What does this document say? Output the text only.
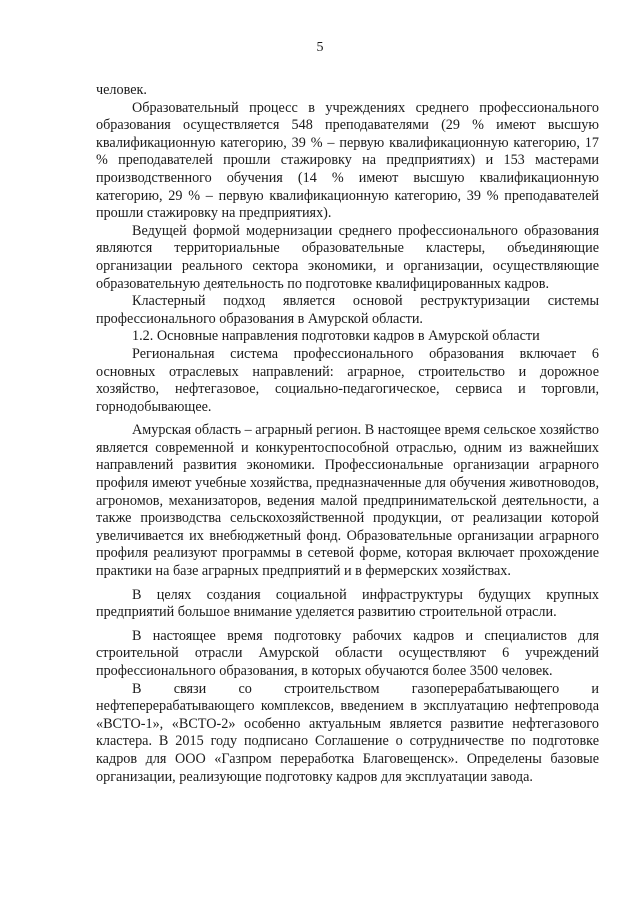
5

человек.

Образовательный процесс в учреждениях среднего профессионального образования осуществляется 548 преподавателями (29 % имеют высшую квалификационную категорию, 39 % – первую квалификационную категорию, 17 % преподавателей прошли стажировку на предприятиях) и 153 мастерами производственного обучения (14 % имеют высшую квалификационную категорию, 29 % – первую квалификационную категорию, 39 % преподавателей прошли стажировку на предприятиях).

Ведущей формой модернизации среднего профессионального образования являются территориальные образовательные кластеры, объединяющие организации реального сектора экономики, и организации, осуществляющие образовательную деятельность по подготовке квалифицированных кадров.

Кластерный подход является основой реструктуризации системы профессионального образования в Амурской области.

1.2. Основные направления подготовки кадров в Амурской области

Региональная система профессионального образования включает 6 основных отраслевых направлений: аграрное, строительство и дорожное хозяйство, нефтегазовое, социально-педагогическое, сервиса и торговли, горнодобывающее.

Амурская область – аграрный регион. В настоящее время сельское хозяйство является современной и конкурентоспособной отраслью, одним из важнейших направлений развития экономики. Профессиональные организации аграрного профиля имеют учебные хозяйства, предназначенные для обучения животноводов, агрономов, механизаторов, ведения малой предпринимательской деятельности, а также производства сельскохозяйственной продукции, от реализации которой увеличивается их внебюджетный фонд. Образовательные организации аграрного профиля реализуют программы в сетевой форме, которая включает прохождение практики на базе аграрных предприятий и в фермерских хозяйствах.

В целях создания социальной инфраструктуры будущих крупных предприятий большое внимание уделяется развитию строительной отрасли.

В настоящее время подготовку рабочих кадров и специалистов для строительной отрасли Амурской области осуществляют 6 учреждений профессионального образования, в которых обучаются более 3500 человек.

В связи со строительством газоперерабатывающего и нефтеперерабатывающего комплексов, введением в эксплуатацию нефтепровода «ВСТО-1», «ВСТО-2» особенно актуальным является развитие нефтегазового кластера. В 2015 году подписано Соглашение о сотрудничестве по подготовке кадров для ООО «Газпром переработка Благовещенск». Определены базовые организации, реализующие подготовку кадров для эксплуатации завода.
